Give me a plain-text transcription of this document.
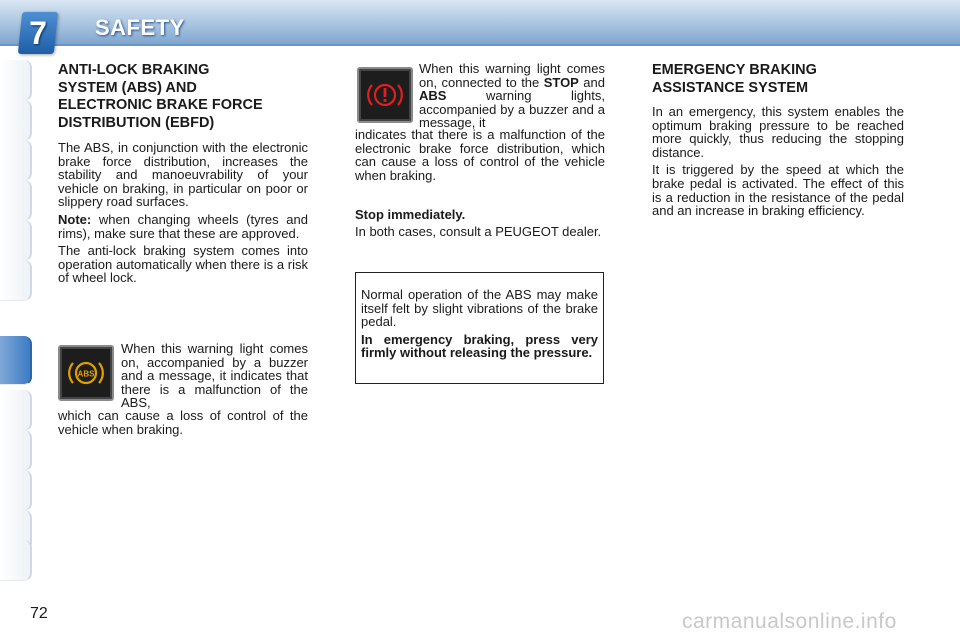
7	SAFETY
ANTI-LOCK BRAKING
SYSTEM (ABS) AND
ELECTRONIC BRAKE FORCE
DISTRIBUTION (EBFD)

The ABS, in conjunction with the electronic brake force distribution, increases the stability and manoeuvrability of your vehicle on braking, in particular on poor or slippery road surfaces.

Note: when changing wheels (tyres and rims), make sure that these are approved.

The anti-lock braking system comes into operation automatically when there is a risk of wheel lock.

ABS
When this warning light comes on, accompanied by a buzzer and a message, it indicates that there is a malfunction of the ABS,
which can cause a loss of control of the vehicle when braking.
When this warning light comes on, connected to the STOP and ABS warning lights, accompanied by a buzzer and a message, it
indicates that there is a malfunction of the electronic brake force distribution, which can cause a loss of control of the vehicle when braking.
Stop immediately.
In both cases, consult a PEUGEOT dealer.
Normal operation of the ABS may make itself felt by slight vibrations of the brake pedal.
In emergency braking, press very firmly without releasing the pressure.
EMERGENCY BRAKING
ASSISTANCE SYSTEM

In an emergency, this system enables the optimum braking pressure to be reached more quickly, thus reducing the stopping distance.

It is triggered by the speed at which the brake pedal is activated. The effect of this is a reduction in the resistance of the pedal and an increase in braking efficiency.

72	carmanualsonline.info
